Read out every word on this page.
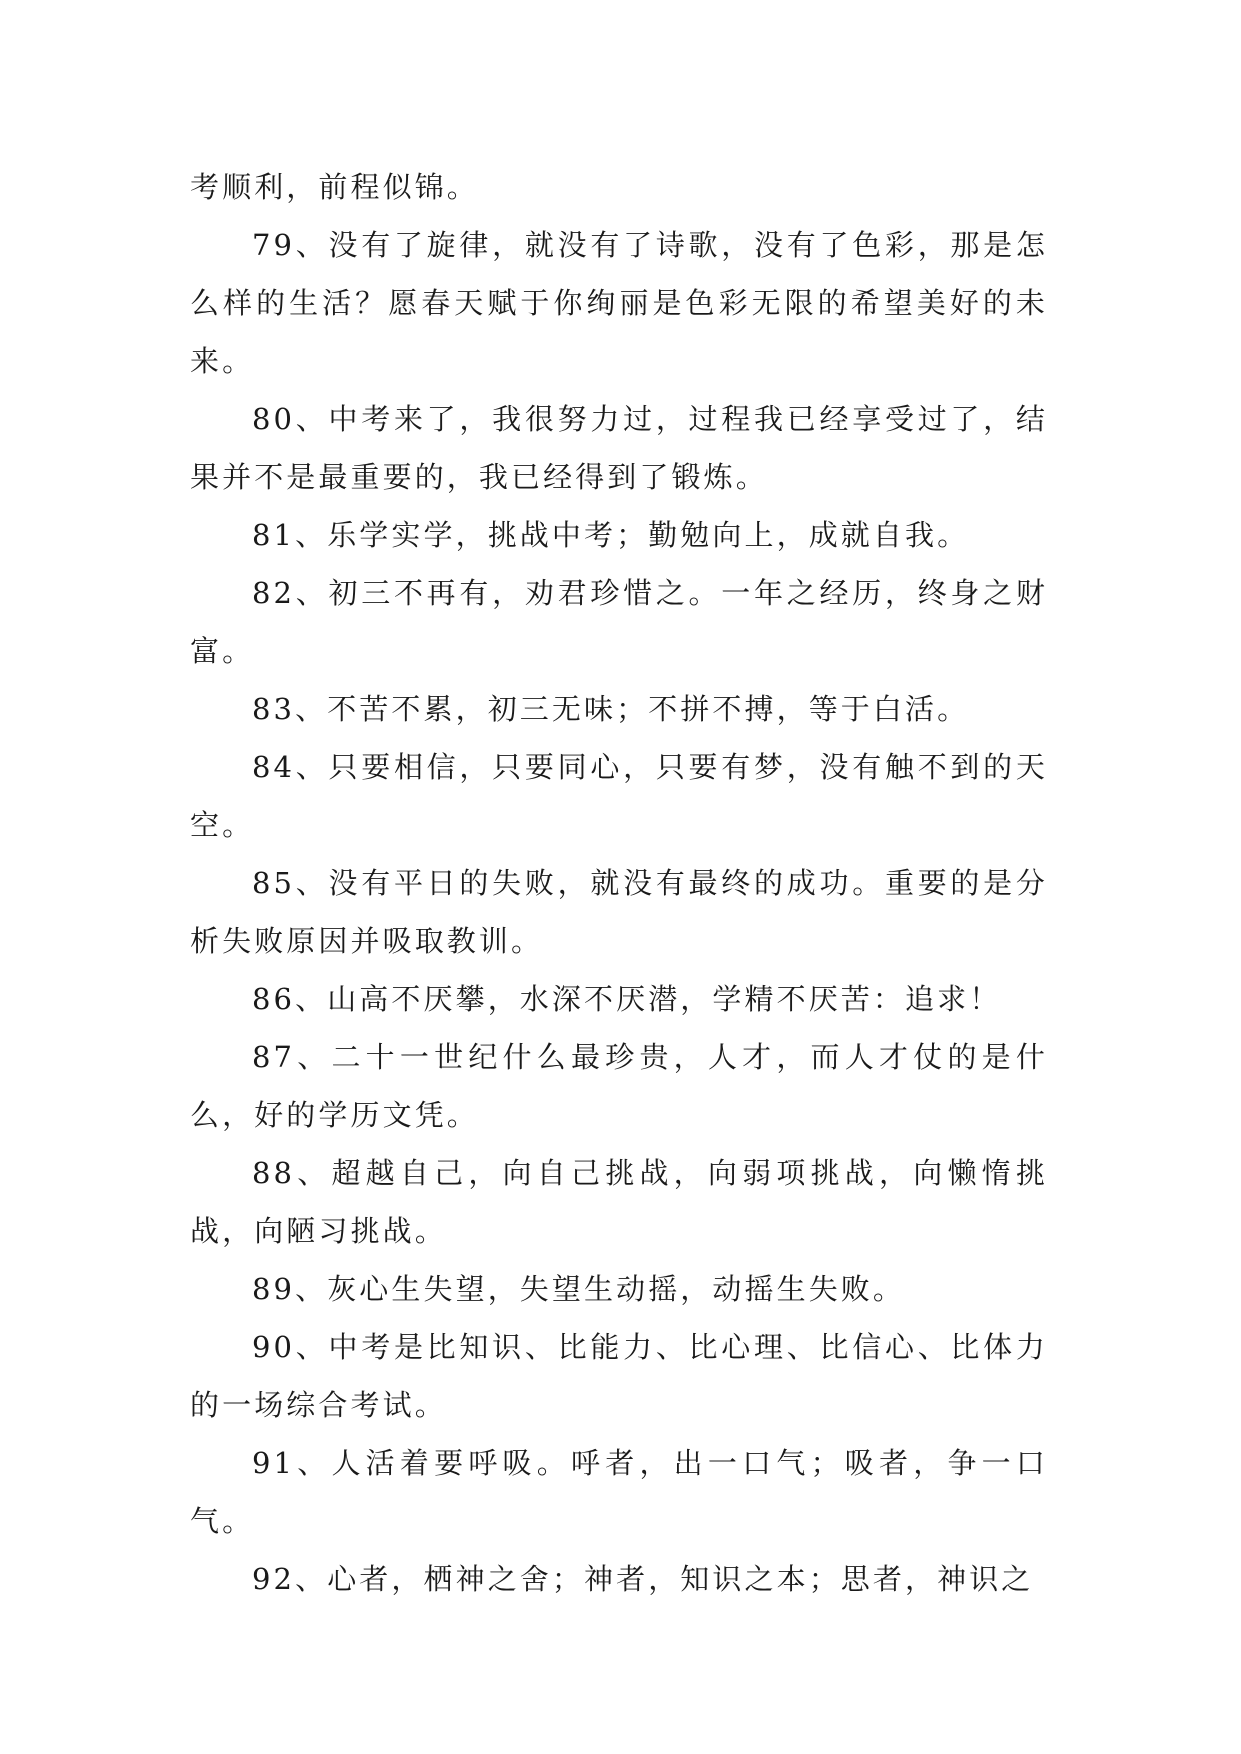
考顺利，前程似锦。

79、没有了旋律，就没有了诗歌，没有了色彩，那是怎么样的生活？愿春天赋于你绚丽是色彩无限的希望美好的未来。

80、中考来了，我很努力过，过程我已经享受过了，结果并不是最重要的，我已经得到了锻炼。

81、乐学实学，挑战中考；勤勉向上，成就自我。

82、初三不再有，劝君珍惜之。一年之经历，终身之财富。

83、不苦不累，初三无味；不拼不搏，等于白活。

84、只要相信，只要同心，只要有梦，没有触不到的天空。

85、没有平日的失败，就没有最终的成功。重要的是分析失败原因并吸取教训。

86、山高不厌攀，水深不厌潜，学精不厌苦：追求！

87、二十一世纪什么最珍贵，人才，而人才仗的是什么，好的学历文凭。

88、超越自己，向自己挑战，向弱项挑战，向懒惰挑战，向陋习挑战。

89、灰心生失望，失望生动摇，动摇生失败。

90、中考是比知识、比能力、比心理、比信心、比体力的一场综合考试。

91、人活着要呼吸。呼者，出一口气；吸者，争一口气。

92、心者，栖神之舍；神者，知识之本；思者，神识之
